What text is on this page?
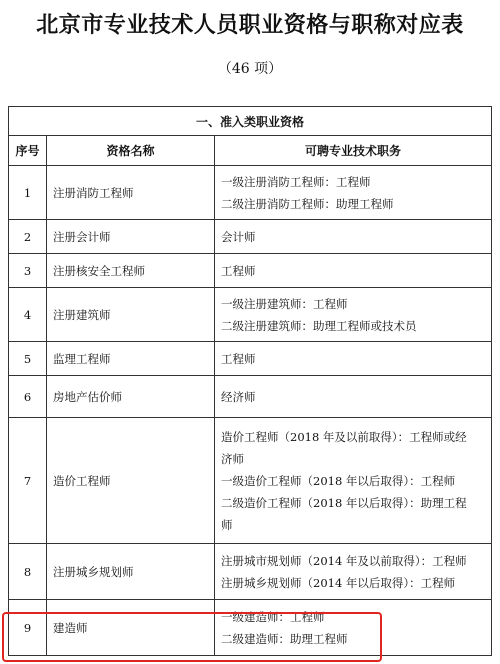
北京市专业技术人员职业资格与职称对应表
（46 项）
一、准入类职业资格		
序号	资格名称	可聘专业技术职务
1	注册消防工程师	一级注册消防工程师：工程师
二级注册消防工程师：助理工程师

2	注册会计师	会计师

3	注册核安全工程师	工程师

4	注册建筑师	一级注册建筑师：工程师
二级注册建筑师：助理工程师或技术员

5	监理工程师	工程师

6	房地产估价师	经济师

7	造价工程师	造价工程师（2018 年及以前取得）：工程师或经
济师
一级造价工程师（2018 年以后取得）：工程师
二级造价工程师（2018 年以后取得）：助理工程
师

8	注册城乡规划师	注册城市规划师（2014 年及以前取得）：工程师
注册城乡规划师（2014 年以后取得）：工程师

9	建造师	一级建造师：工程师
二级建造师：助理工程师
